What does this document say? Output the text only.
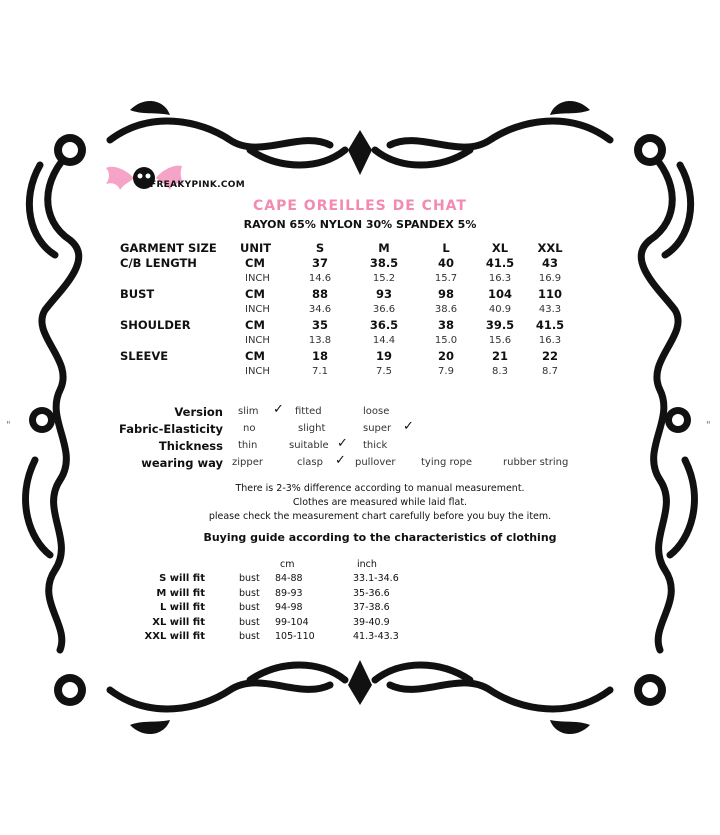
"	"
FREAKYPINK.COM
CAPE OREILLES DE CHAT
RAYON 65% NYLON 30% SPANDEX 5%
GARMENT SIZE UNIT	S	M	L	XL	XXL
C/B LENGTH	CM	37	38.5	40	41.5	43
INCH	14.6	15.2	15.7	16.3	16.9
BUST	CM	88	93	98	104	110
INCH	34.6	36.6	38.6	40.9	43.3
SHOULDER	CM	35	36.5	38	39.5	41.5
INCH	13.8	14.4	15.0	15.6	16.3
SLEEVE	CM	18	19	20	21	22
INCH	7.1	7.5	7.9	8.3	8.7
Version slim ✓ fitted	loose
Fabric-Elasticity no	slight	super ✓
Thickness thin	suitable ✓ thick
wearing way zipper	clasp ✓ pullover	tying rope	rubber string
There is 2-3% difference according to manual measurement.
Clothes are measured while laid flat.
please check the measurement chart carefully before you buy the item.
Buying guide according to the characteristics of clothing
cm	inch
S will fit	bust 84-88	33.1-34.6
M will fit	bust 89-93	35-36.6
L will fit	bust 94-98	37-38.6
XL will fit	bust 99-104	39-40.9
XXL will fit	bust 105-110	41.3-43.3
